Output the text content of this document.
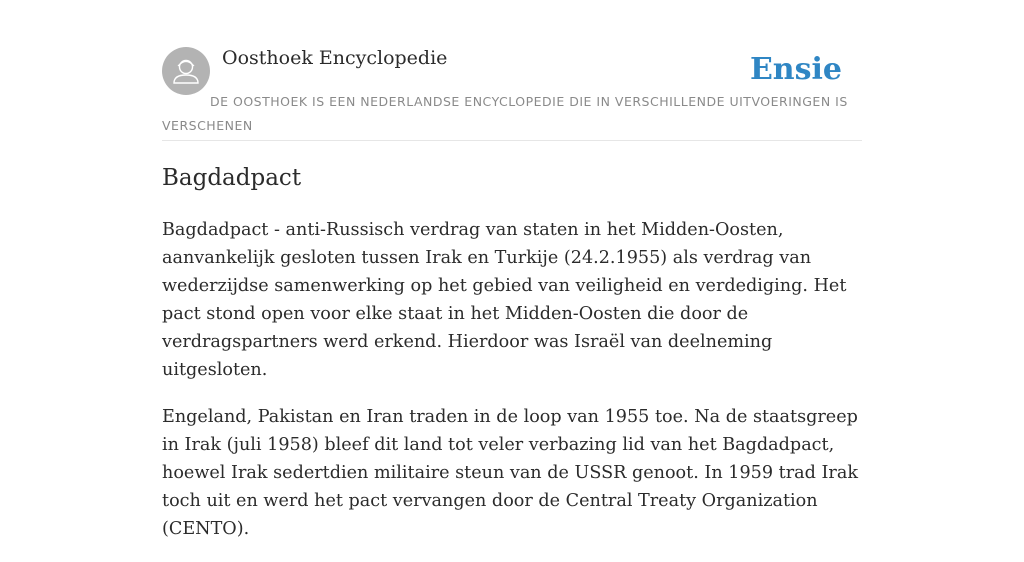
Oosthoek Encyclopedie	Ensie
DE OOSTHOEK IS EEN NEDERLANDSE ENCYCLOPEDIE DIE IN VERSCHILLENDE UITVOERINGEN IS VERSCHENEN
Bagdadpact

Bagdadpact - anti-Russisch verdrag van staten in het Midden-Oosten, aanvankelijk gesloten tussen Irak en Turkije (24.2.1955) als verdrag van wederzijdse samenwerking op het gebied van veiligheid en verdediging. Het pact stond open voor elke staat in het Midden-Oosten die door de verdragspartners werd erkend. Hierdoor was Israël van deelneming uitgesloten.

Engeland, Pakistan en Iran traden in de loop van 1955 toe. Na de staatsgreep in Irak (juli 1958) bleef dit land tot veler verbazing lid van het Bagdadpact, hoewel Irak sedertdien militaire steun van de USSR genoot. In 1959 trad Irak toch uit en werd het pact vervangen door de Central Treaty Organization (CENTO).
